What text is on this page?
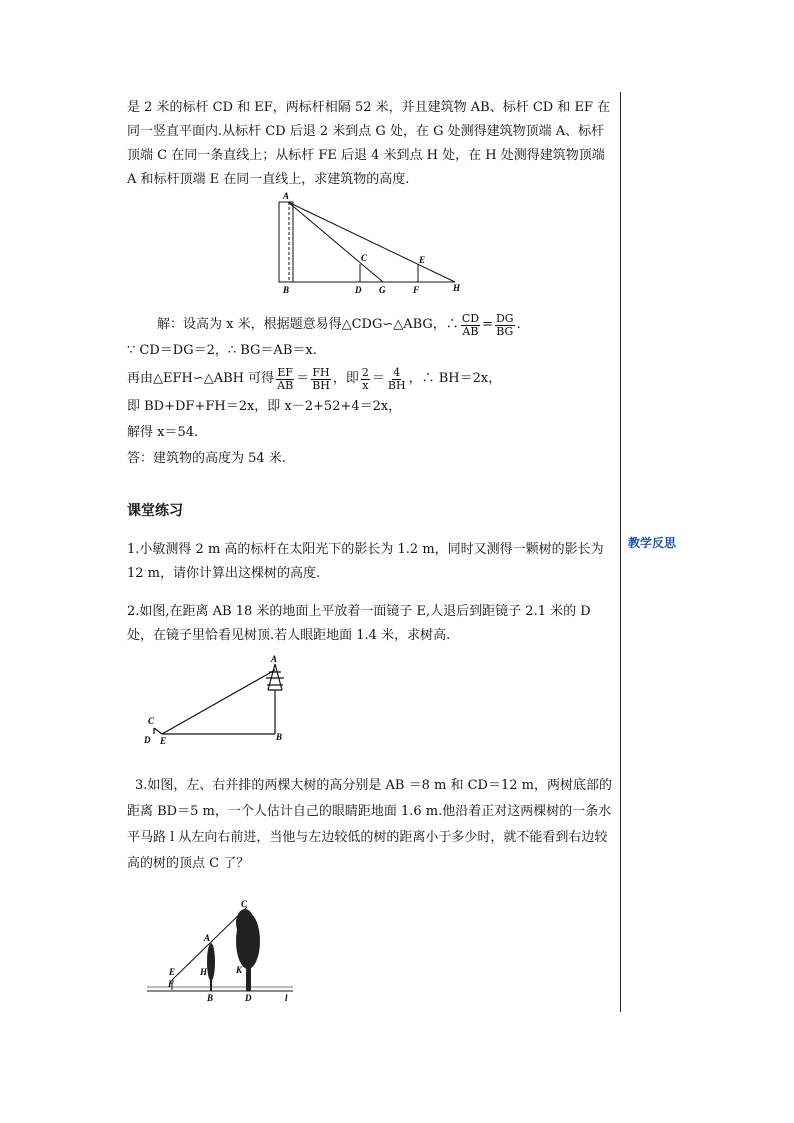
教学反思
是 2 米的标杆 CD 和 EF，两标杆相隔 52 米，并且建筑物 AB、标杆 CD 和 EF 在同一竖直平面内.从标杆 CD 后退 2 米到点 G 处，在 G 处测得建筑物顶端 A、标杆顶端 C 在同一条直线上；从标杆 FE 后退 4 米到点 H 处，在 H 处测得建筑物顶端 A 和标杆顶端 E 在同一直线上，求建筑物的高度.
A
B
C
D G
E
F	H
解：设高为 x 米，根据题意易得△CDG∽△ABG，∴ $\frac{CD}{AB} = \frac{DG}{BG}$ .
∵ CD＝DG＝2，∴ BG＝AB＝x.
再由△EFH∽△ABH 可得 $\frac{EF}{AB} = \frac{FH}{BH}$ ，即 $\frac{2}{x} = \frac{4}{BH}$ ，∴ BH＝2x，
即 BD+DF+FH＝2x，即 x－2+52+4＝2x，
解得 x＝54.
答：建筑物的高度为 54 米.
课堂练习
1.小敏测得 2 m 高的标杆在太阳光下的影长为 1.2 m，同时又测得一颗树的影长为 12 m，请你计算出这棵树的高度.
2.如图,在距离 AB 18 米的地面上平放着一面镜子 E,人退后到距镜子 2.1 米的 D 处，在镜子里恰看见树顶.若人眼距地面 1.4 米，求树高.
A
B
C
D E
3.如图，左、右并排的两棵大树的高分别是 AB ＝8 m 和 CD＝12 m，两树底部的距离 BD＝5 m，一个人估计自己的眼睛距地面 1.6 m.他沿着正对这两棵树的一条水平马路 l 从左向右前进，当他与左边较低的树的距离小于多少时，就不能看到右边较高的树的顶点 C 了？
C
A
E	H	K
F
B	D	l
